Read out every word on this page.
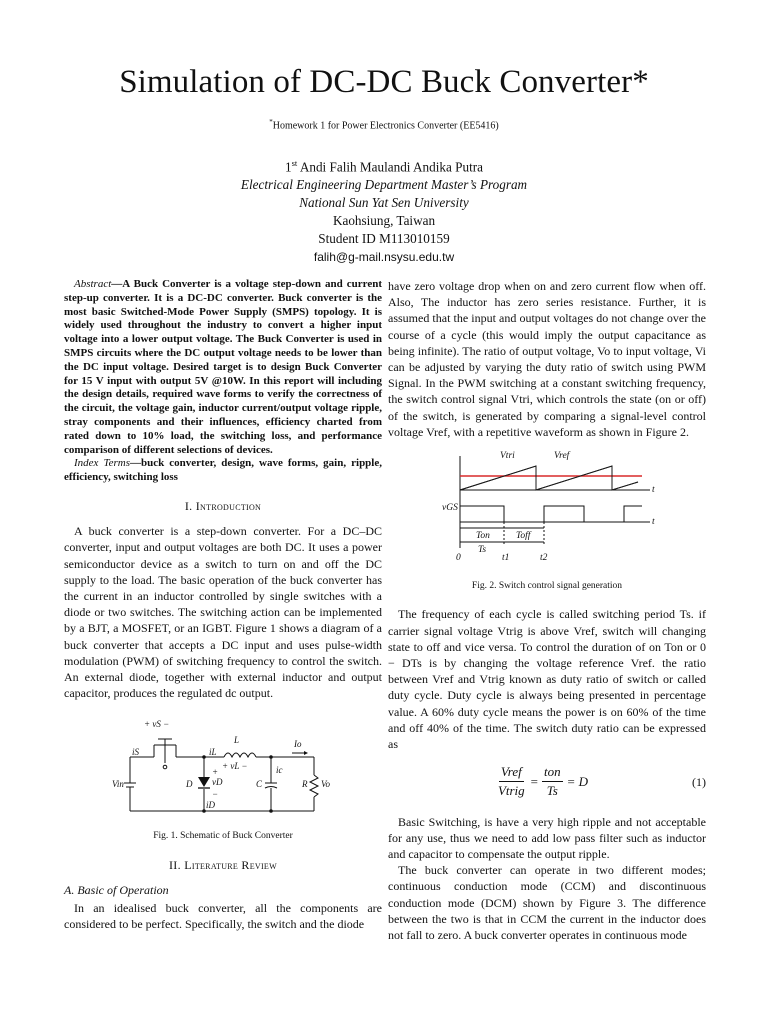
Simulation of DC-DC Buck Converter*
*Homework 1 for Power Electronics Converter (EE5416)
1st Andi Falih Maulandi Andika Putra
Electrical Engineering Department Master’s Program
National Sun Yat Sen University
Kaohsiung, Taiwan
Student ID M113010159
falih@g-mail.nsysu.edu.tw
Abstract—A Buck Converter is a voltage step-down and current step-up converter. It is a DC-DC converter. Buck converter is the most basic Switched-Mode Power Supply (SMPS) topology. It is widely used throughout the industry to convert a higher input voltage into a lower output voltage. The Buck Converter is used in SMPS circuits where the DC output voltage needs to be lower than the DC input voltage. Desired target is to design Buck Converter for 15 V input with output 5V @10W. In this report will including the design details, required wave forms to verify the correctness of the circuit, the voltage gain, inductor current/output voltage ripple, stray components and their influences, efficiency charted from rated down to 10% load, the switching loss, and performance comparison of different selections of devices.
Index Terms—buck converter, design, wave forms, gain, ripple, efficiency, switching loss
I. Introduction

A buck converter is a step-down converter. For a DC–DC converter, input and output voltages are both DC. It uses a power semiconductor device as a switch to turn on and off the DC supply to the load. The basic operation of the buck converter has the current in an inductor controlled by single switches with a diode or two switches. The switching action can be implemented by a BJT, a MOSFET, or an IGBT. Figure 1 shows a diagram of a buck converter that accepts a DC input and uses pulse-width modulation (PWM) of switching frequency to control the switch. An external diode, together with external inductor and output capacitor, produces the regulated dc output.

+ vS −
iS	iL
L
+ vL −
Io
Vin	D vD
+
−
ic
C	R Vo
iD
Fig. 1. Schematic of Buck Converter
II. Literature Review
A. Basic of Operation

In an idealised buck converter, all the components are considered to be perfect. Specifically, the switch and the diode

have zero voltage drop when on and zero current flow when off. Also, The inductor has zero series resistance. Further, it is assumed that the input and output voltages do not change over the course of a cycle (this would imply the output capacitance as being infinite). The ratio of output voltage, Vo to input voltage, Vi can be adjusted by varying the duty ratio of switch using PWM Signal. In the PWM switching at a constant switching frequency, the switch control signal Vtri, which controls the state (on or off) of the switch, is generated by comparing a signal-level control voltage Vref, with a repetitive waveform as shown in Figure 2.

Vtri	Vref
vGS
Ton	Toff
Ts
0	t1	t2
t
t
Fig. 2. Switch control signal generation

The frequency of each cycle is called switching period Ts. if carrier signal voltage Vtrig is above Vref, switch will changing state to off and vice versa. To control the duration of on Ton or 0 − DTs is by changing the voltage reference Vref. the ratio between Vref and Vtrig known as duty ratio of switch or called duty cycle. Duty cycle is always being presented in percentage value. A 60% duty cycle means the power is on 60% of the time and off 40% of the time. The switch duty ratio can be expressed as

$\frac{\text{Vref}}{\text{Vtrig}} = \frac{\text{ton}}{Ts} = D$	(1)

Basic Switching, is have a very high ripple and not acceptable for any use, thus we need to add low pass filter such as inductor and capacitor to compensate the output ripple.

The buck converter can operate in two different modes; continuous conduction mode (CCM) and discontinuous conduction mode (DCM) shown by Figure 3. The difference between the two is that in CCM the current in the inductor does not fall to zero. A buck converter operates in continuous mode
